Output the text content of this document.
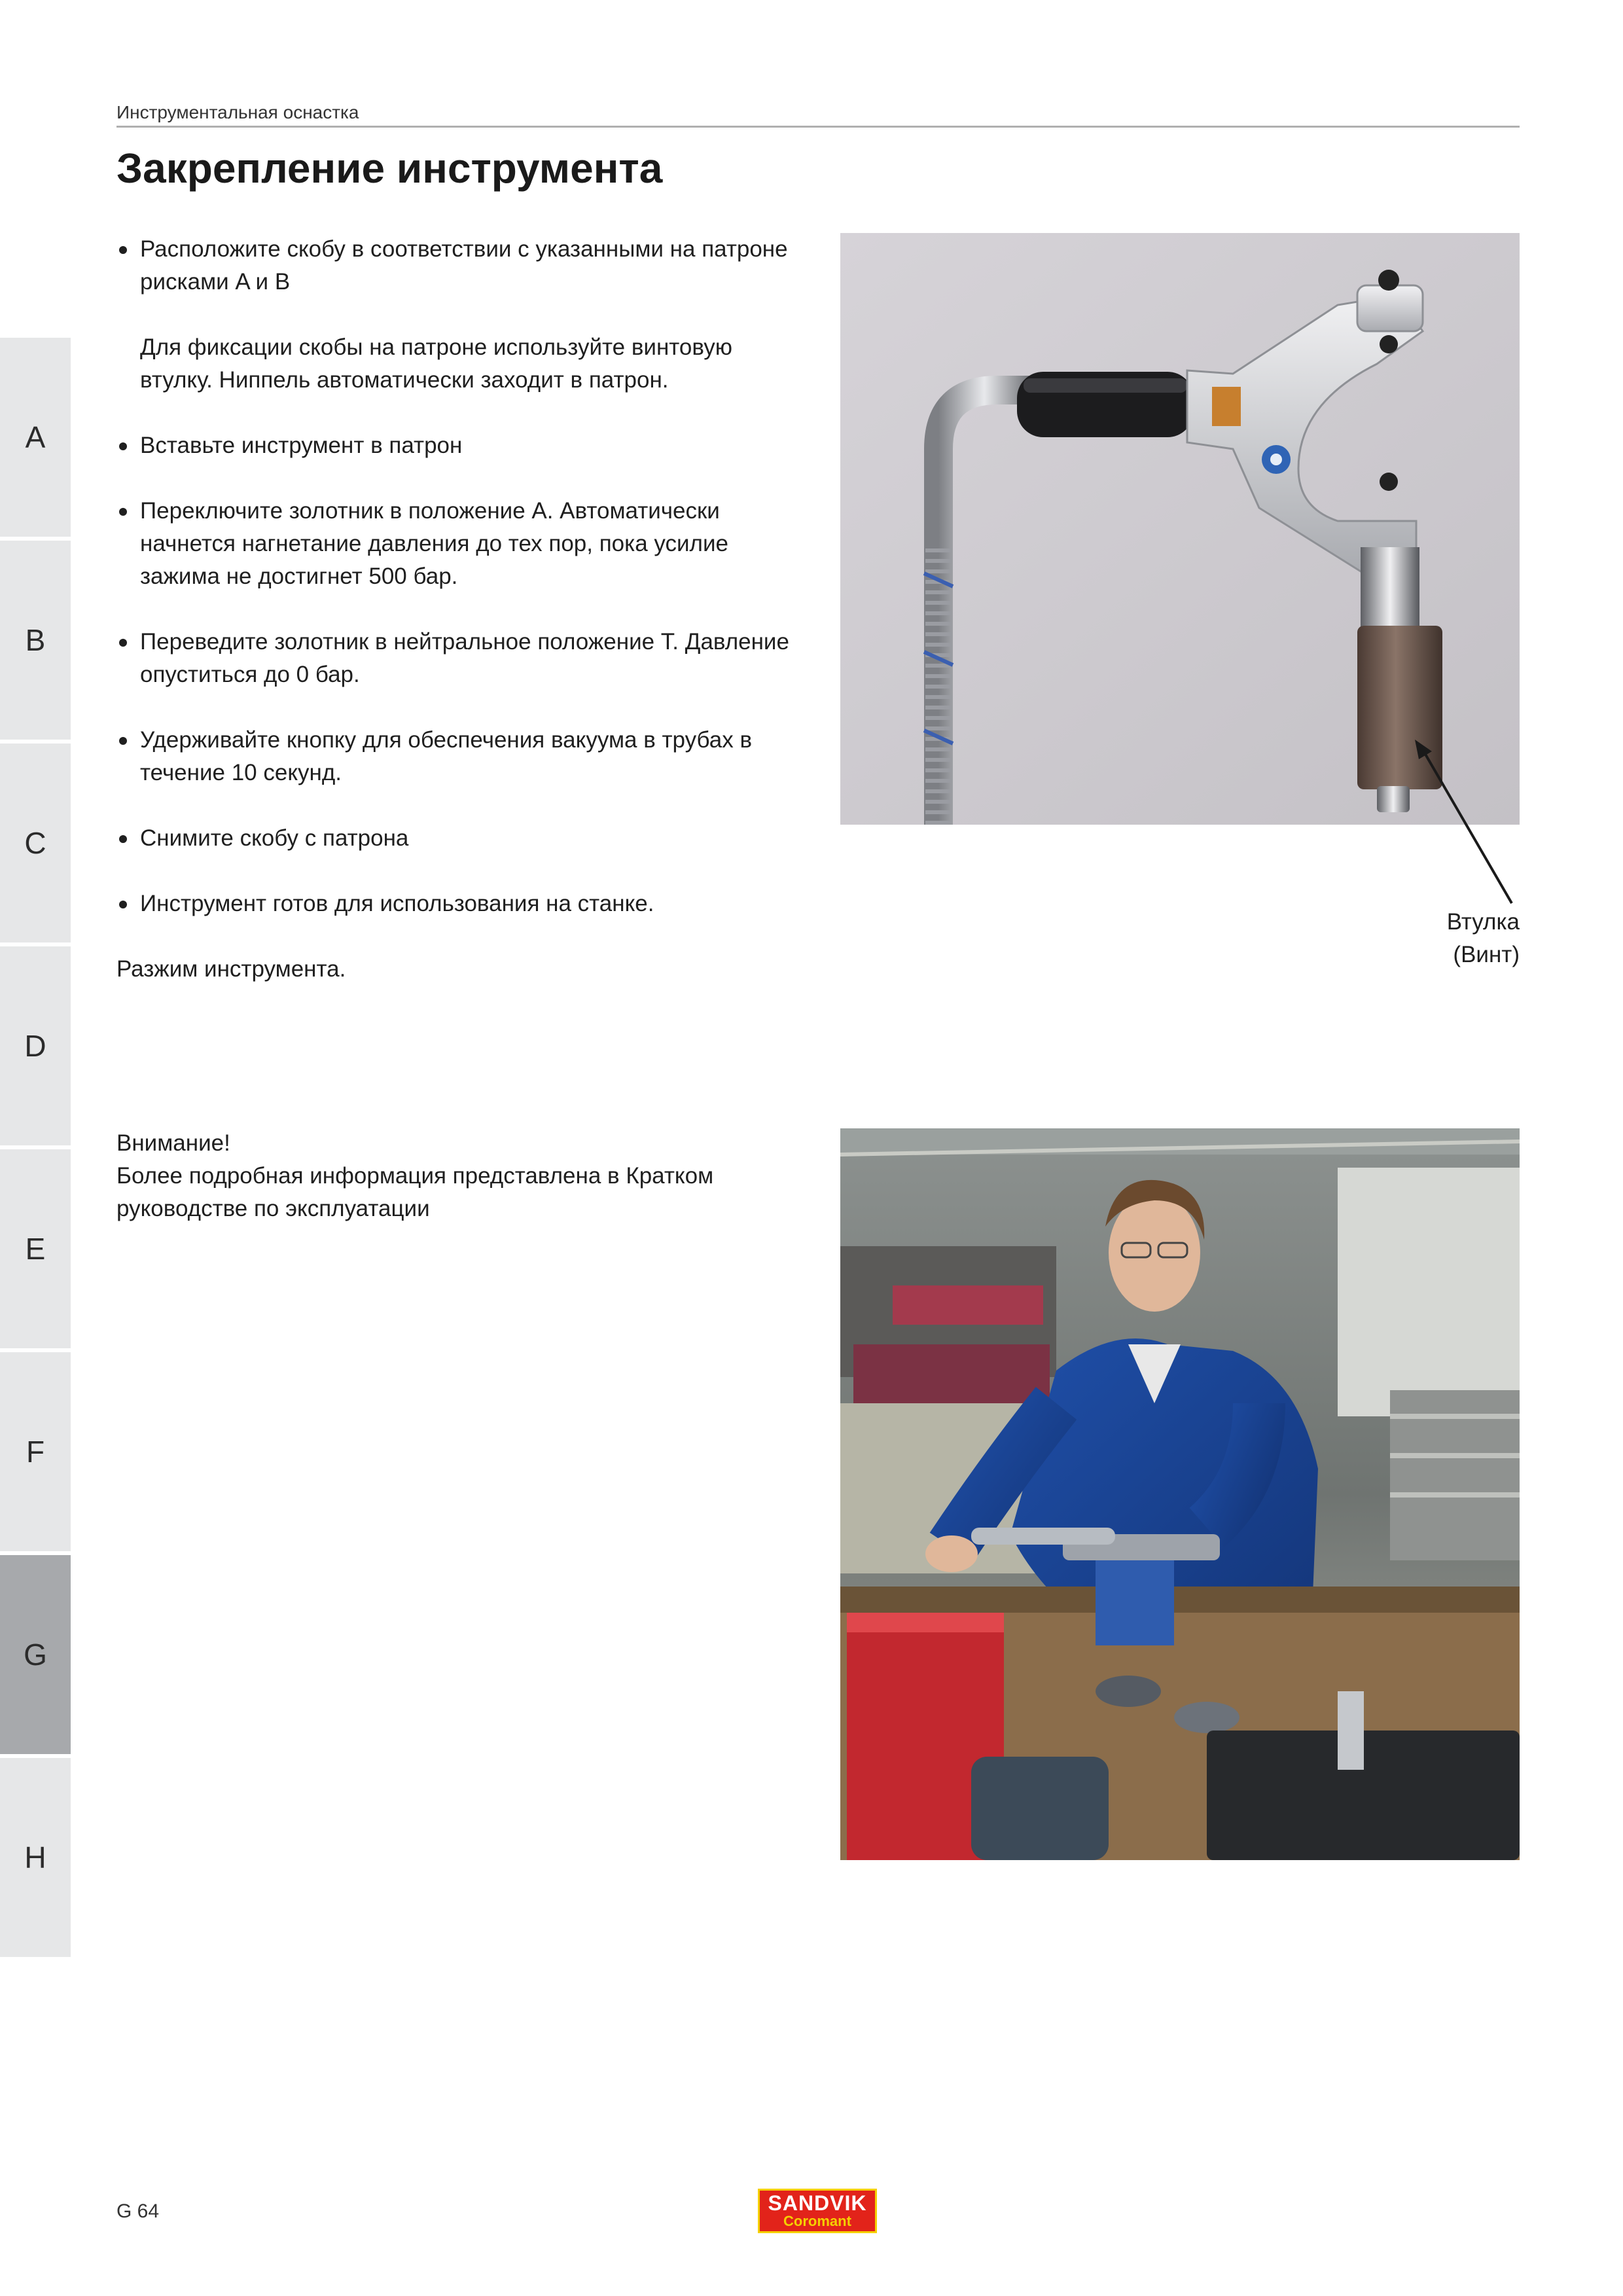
Инструментальная оснастка
Закрепление инструмента
A
B
C
D
E
F
G
H

Расположите скобу в соответствии с указанными на патроне рисками A и B

Для фиксации скобы на патроне используйте винтовую втулку. Ниппель автоматически заходит в патрон.

Вставьте инструмент в патрон

Переключите золотник в положение A. Автоматически начнется нагнетание давления до тех пор, пока усилие зажима не достигнет 500 бар.

Переведите золотник в нейтральное положение T. Давление опуститься до 0 бар.

Удерживайте кнопку для обеспечения вакуума в трубах в течение 10 секунд.

Снимите скобу с патрона

Инструмент готов для использования на станке.

Разжим инструмента.

Внимание!

Более подробная информация представлена в Кратком руководстве по эксплуатации

Втулка
(Винт)
G 64	SANDVIK
Coromant
